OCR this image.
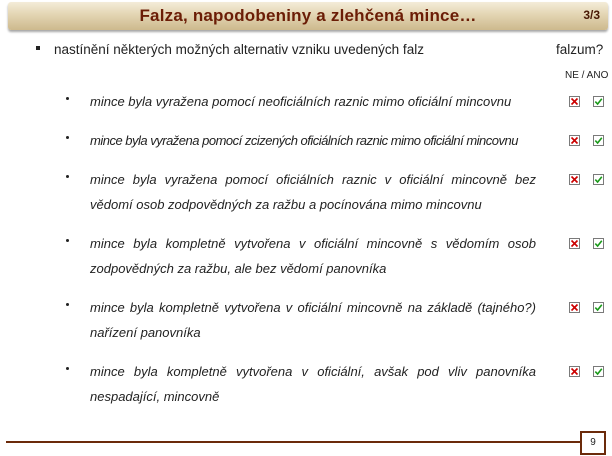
Falza, napodobeniny a zlehčená mince…	3/3
nastínění některých možných alternativ vzniku uvedených falz	falzum?
NE / ANO
mince byla vyražena pomocí neoficiálních raznic mimo oficiální mincovnu
mince byla vyražena pomocí zcizených oficiálních raznic mimo oficiální mincovnu
mince byla vyražena pomocí oficiálních raznic v oficiální mincovně bez vědomí osob zodpovědných za ražbu a pocínována mimo mincovnu
mince byla kompletně vytvořena v oficiální mincovně s vědomím osob zodpovědných za ražbu, ale bez vědomí panovníka
mince byla kompletně vytvořena v oficiální mincovně na základě (tajného?) nařízení panovníka
mince byla kompletně vytvořena v oficiální, avšak pod vliv panovníka nespadající, mincovně
9
